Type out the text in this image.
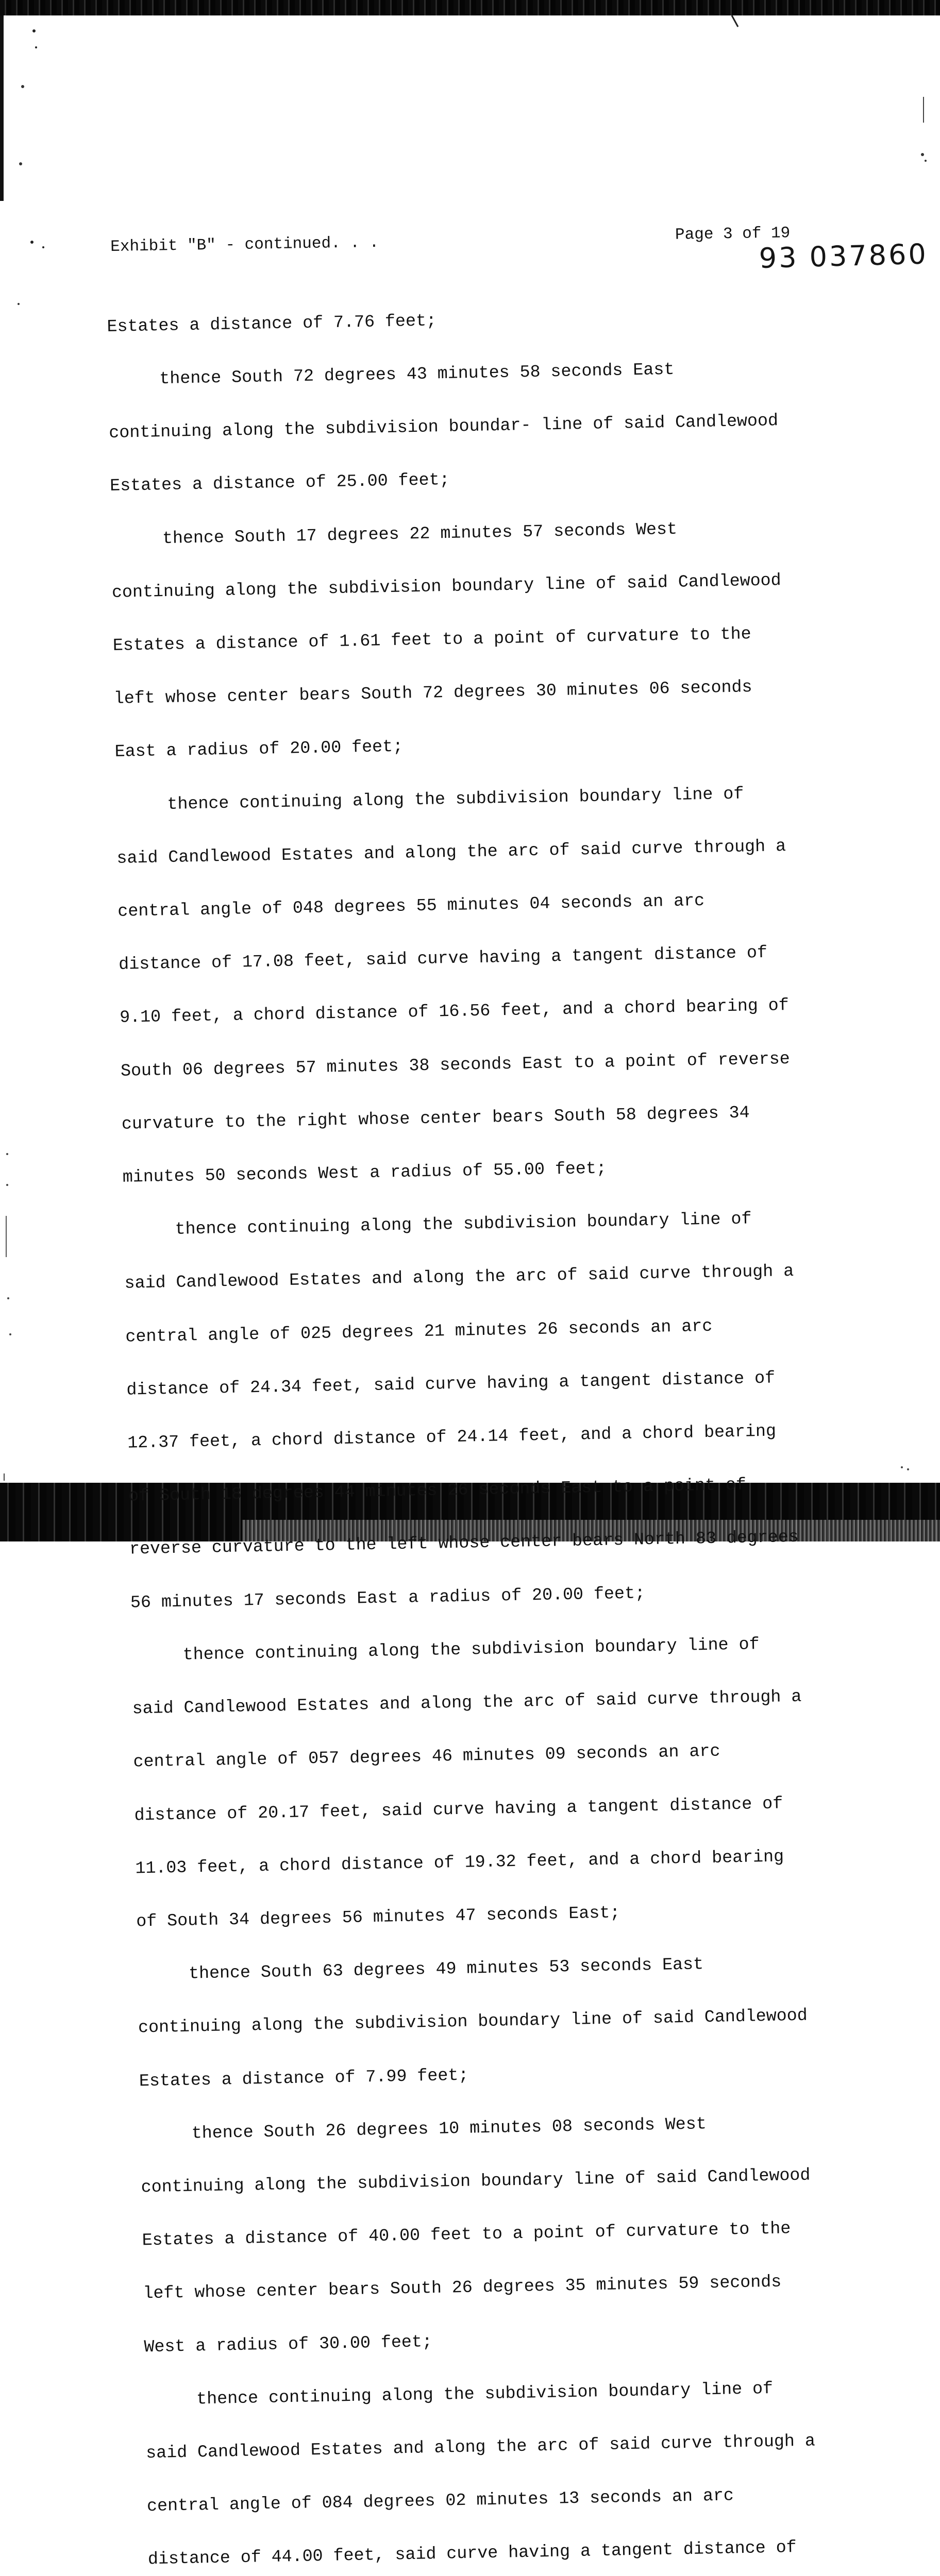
Exhibit "B" - continued. . .	Page 3 of 19
93 037860

Estates a distance of 7.76 feet;

thence South 72 degrees 43 minutes 58 seconds East

continuing along the subdivision boundar- line of said Candlewood

Estates a distance of 25.00 feet;

thence South 17 degrees 22 minutes 57 seconds West

continuing along the subdivision boundary line of said Candlewood

Estates a distance of 1.61 feet to a point of curvature to the

left whose center bears South 72 degrees 30 minutes 06 seconds

East a radius of 20.00 feet;

thence continuing along the subdivision boundary line of

said Candlewood Estates and along the arc of said curve through a

central angle of 048 degrees 55 minutes 04 seconds an arc

distance of 17.08 feet, said curve having a tangent distance of

9.10 feet, a chord distance of 16.56 feet, and a chord bearing of

South 06 degrees 57 minutes 38 seconds East to a point of reverse

curvature to the right whose center bears South 58 degrees 34

minutes 50 seconds West a radius of 55.00 feet;

thence continuing along the subdivision boundary line of

said Candlewood Estates and along the arc of said curve through a

central angle of 025 degrees 21 minutes 26 seconds an arc

distance of 24.34 feet, said curve having a tangent distance of

12.37 feet, a chord distance of 24.14 feet, and a chord bearing

of South 18 degrees 44 minutes 26 seconds East to a point of

reverse curvature to the left whose center bears North 83 degrees

56 minutes 17 seconds East a radius of 20.00 feet;

thence continuing along the subdivision boundary line of

said Candlewood Estates and along the arc of said curve through a

central angle of 057 degrees 46 minutes 09 seconds an arc

distance of 20.17 feet, said curve having a tangent distance of

11.03 feet, a chord distance of 19.32 feet, and a chord bearing

of South 34 degrees 56 minutes 47 seconds East;

thence South 63 degrees 49 minutes 53 seconds East

continuing along the subdivision boundary line of said Candlewood

Estates a distance of 7.99 feet;

thence South 26 degrees 10 minutes 08 seconds West

continuing along the subdivision boundary line of said Candlewood

Estates a distance of 40.00 feet to a point of curvature to the

left whose center bears South 26 degrees 35 minutes 59 seconds

West a radius of 30.00 feet;

thence continuing along the subdivision boundary line of

said Candlewood Estates and along the arc of said curve through a

central angle of 084 degrees 02 minutes 13 seconds an arc

distance of 44.00 feet, said curve having a tangent distance of
